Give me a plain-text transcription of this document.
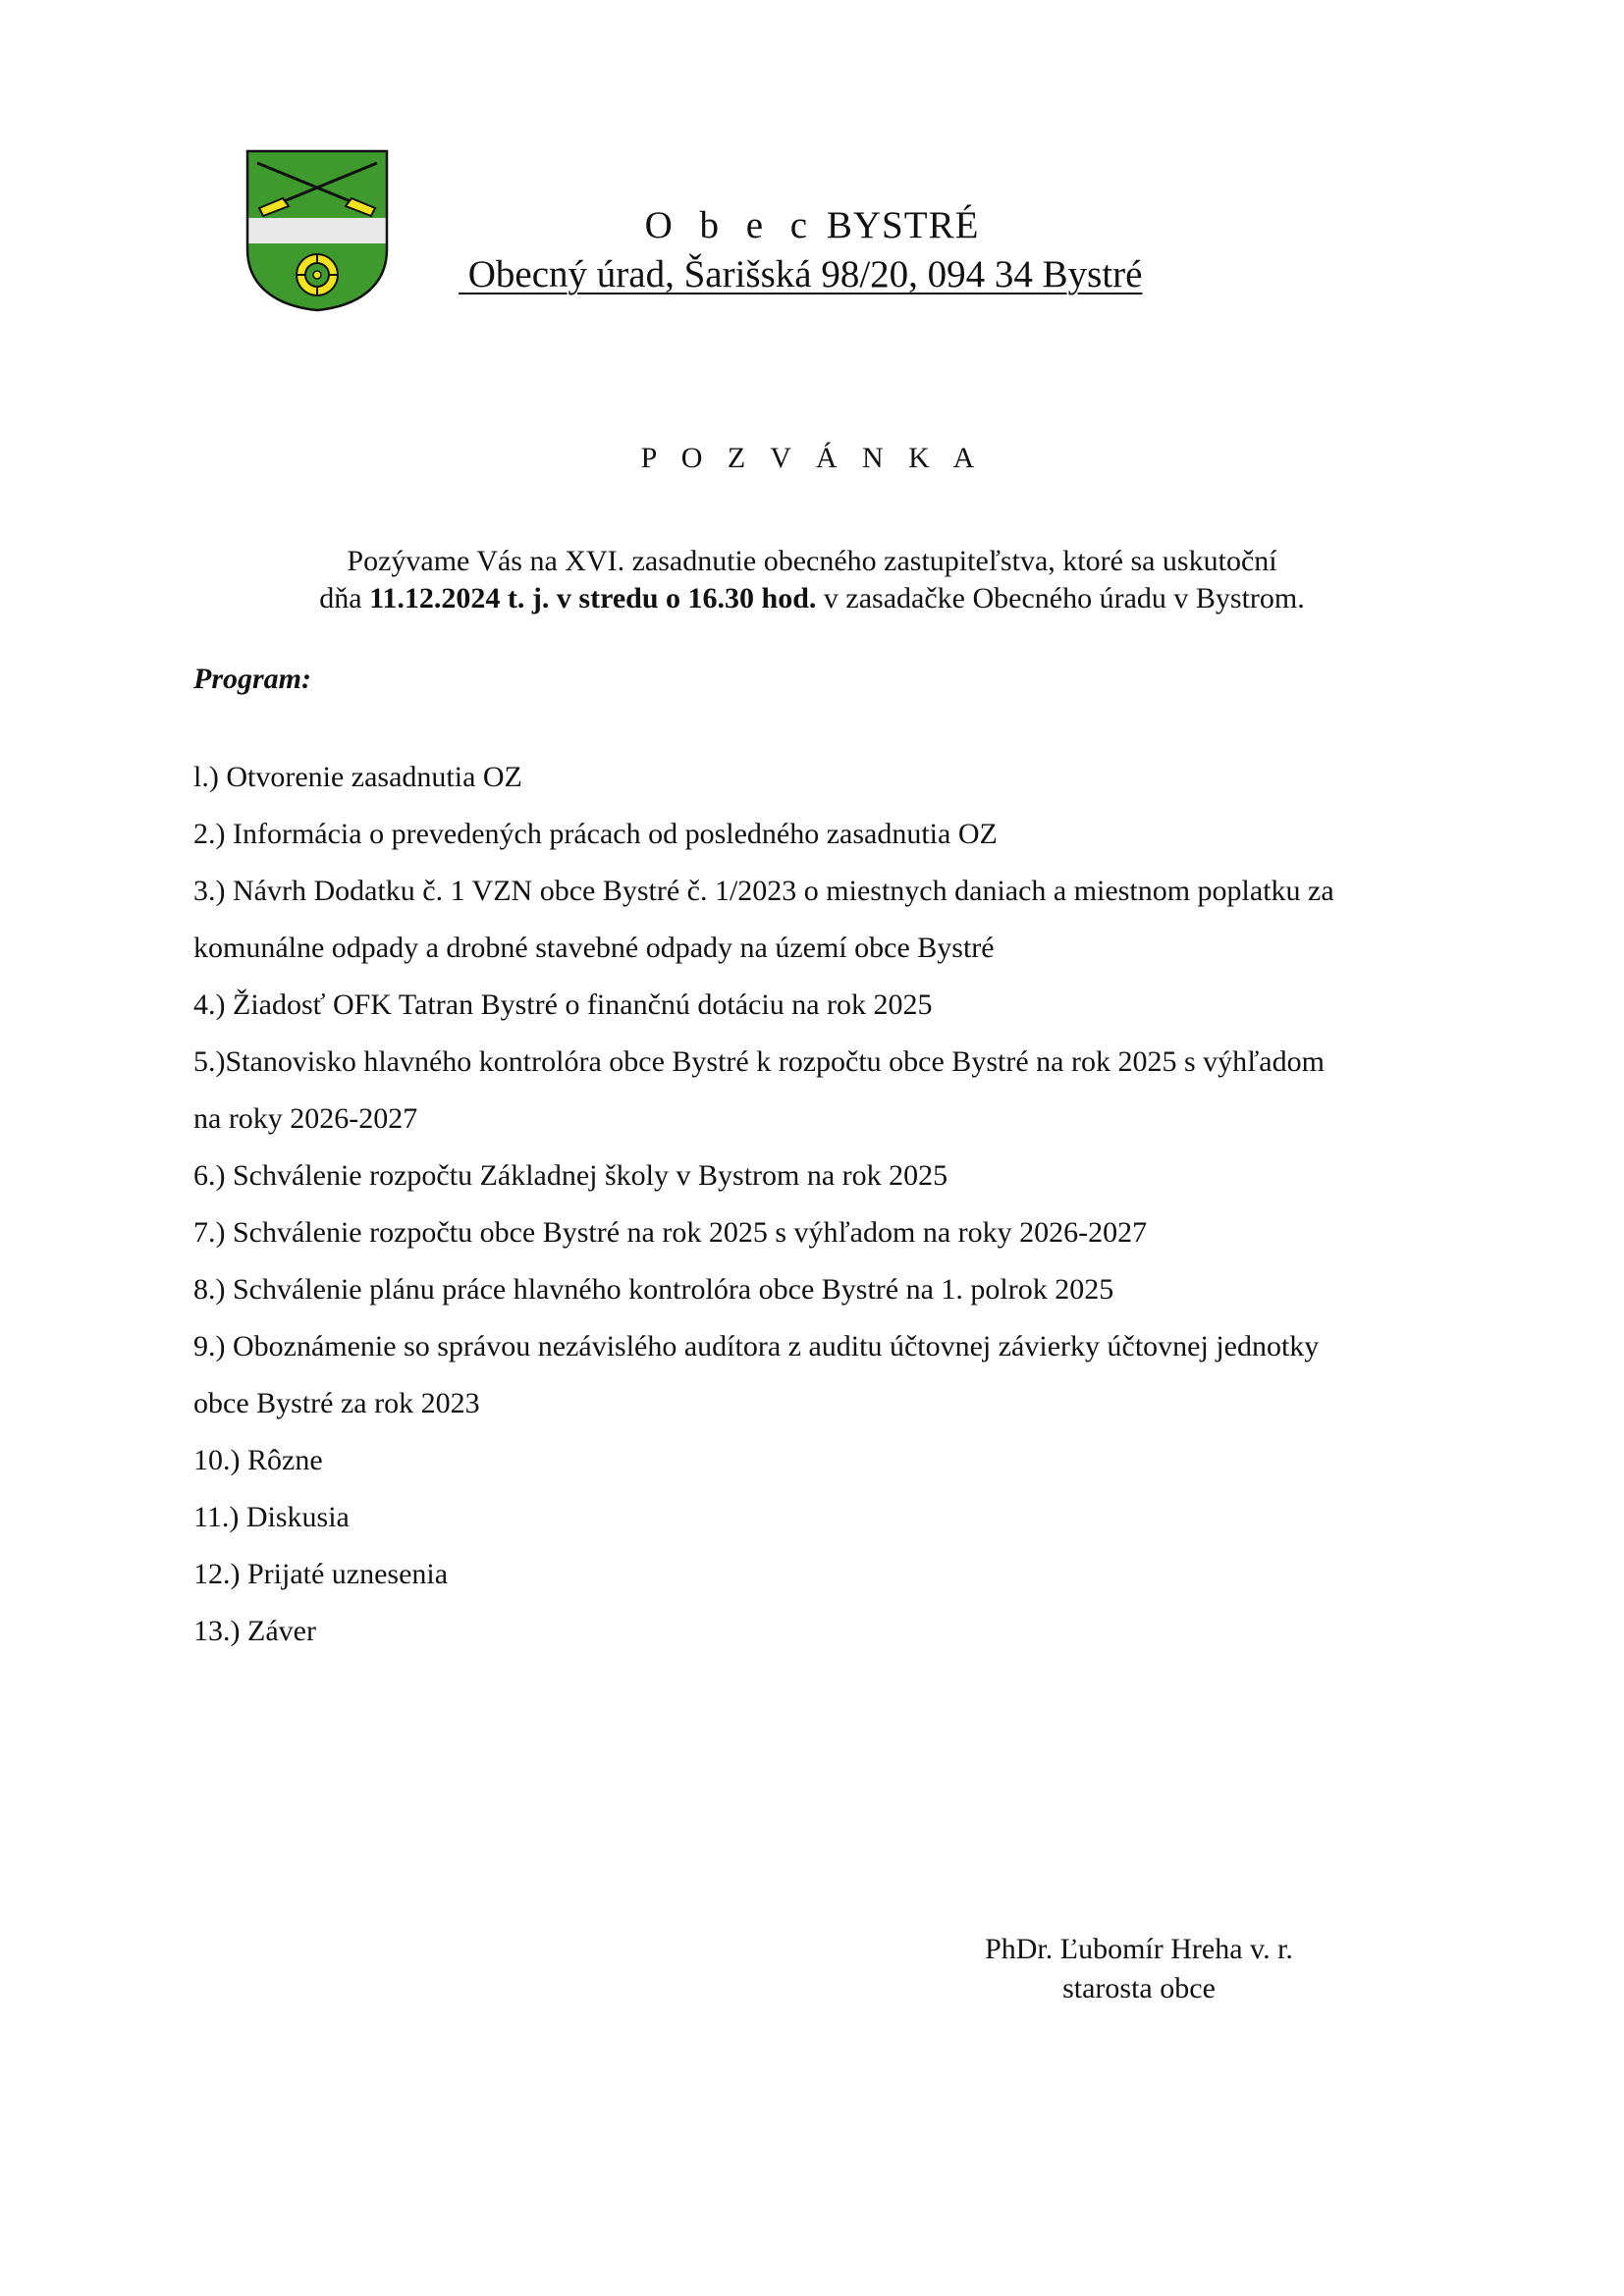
O b e c BYSTRÉ
Obecný úrad, Šarišská 98/20, 094 34 Bystré
P O Z V Á N K A

Pozývame Vás na XVI. zasadnutie obecného zastupiteľstva, ktoré sa uskutoční

dňa 11.12.2024 t. j. v stredu o 16.30 hod. v zasadačke Obecného úradu v Bystrom.

Program:
l.) Otvorenie zasadnutia OZ
2.) Informácia o prevedených prácach od posledného zasadnutia OZ
3.) Návrh Dodatku č. 1 VZN obce Bystré č. 1/2023 o miestnych daniach a miestnom poplatku za
komunálne odpady a drobné stavebné odpady na území obce Bystré
4.) Žiadosť OFK Tatran Bystré o finančnú dotáciu na rok 2025
5.)Stanovisko hlavného kontrolóra obce Bystré k rozpočtu obce Bystré na rok 2025 s výhľadom
na roky 2026-2027
6.) Schválenie rozpočtu Základnej školy v Bystrom na rok 2025
7.) Schválenie rozpočtu obce Bystré na rok 2025 s výhľadom na roky 2026-2027
8.) Schválenie plánu práce hlavného kontrolóra obce Bystré na 1. polrok 2025
9.) Oboznámenie so správou nezávislého audítora z auditu účtovnej závierky účtovnej jednotky
obce Bystré za rok 2023
10.) Rôzne
11.) Diskusia
12.) Prijaté uznesenia
13.) Záver
PhDr. Ľubomír Hreha v. r.
starosta obce
